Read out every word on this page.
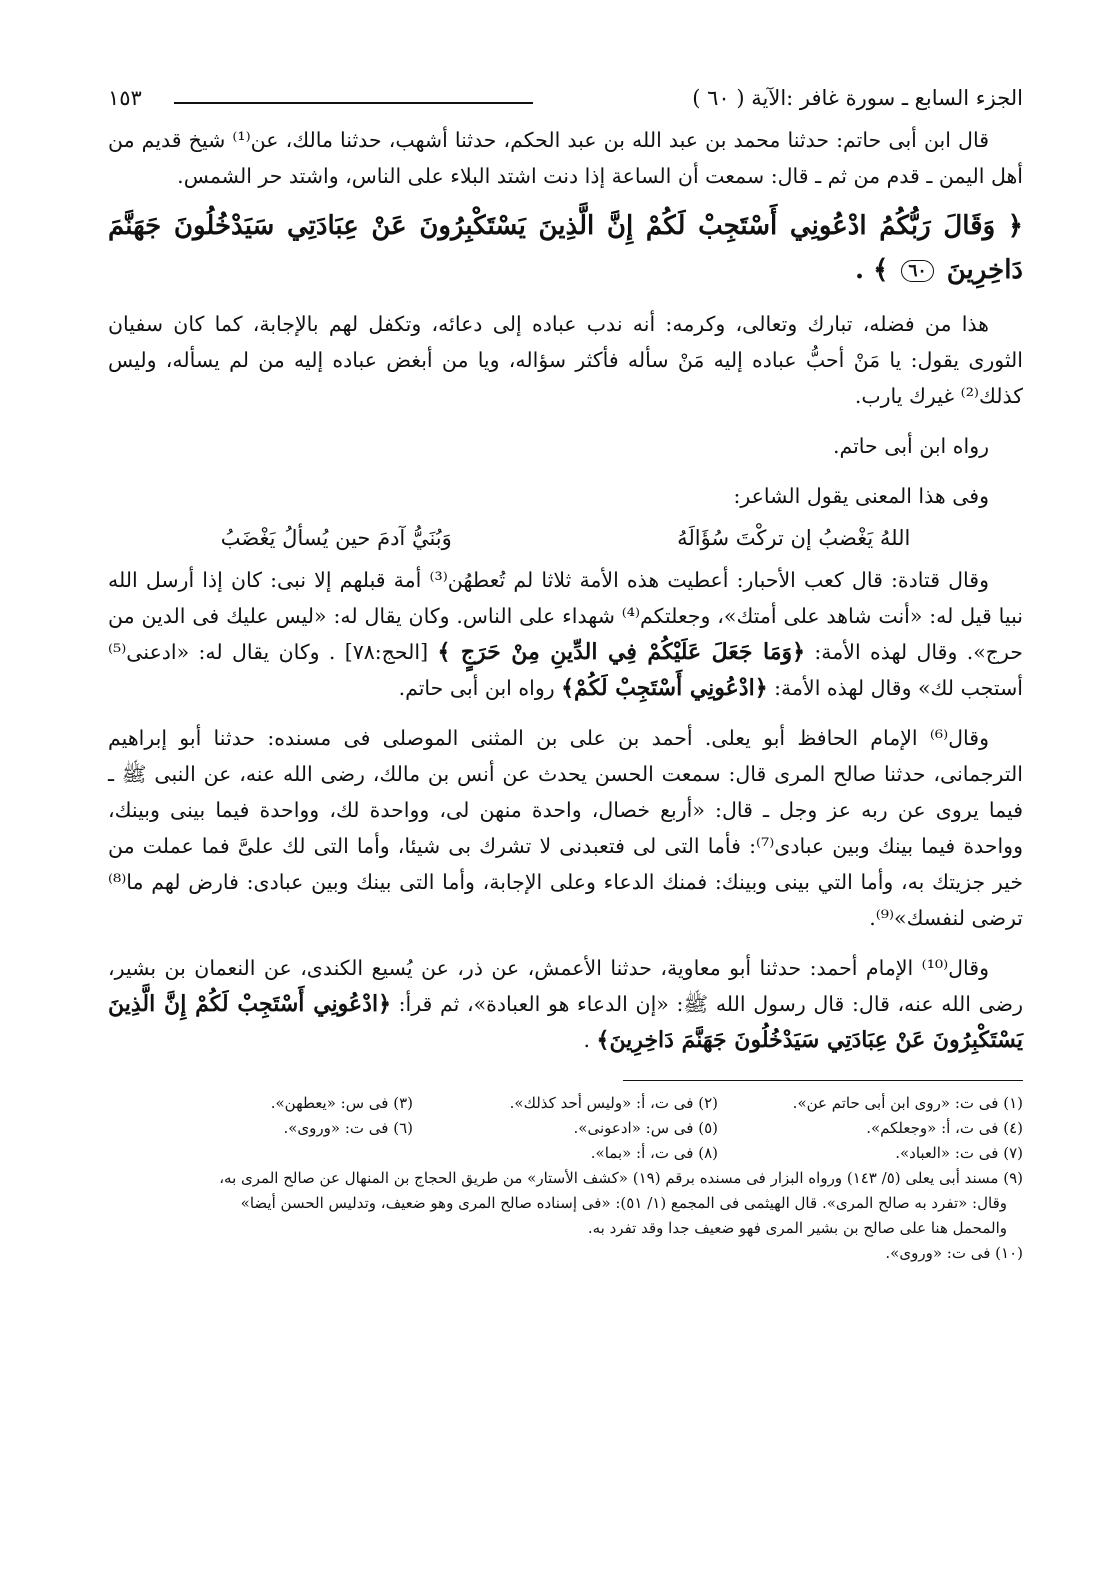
الجزء السابع ـ سورة غافر :الآية ( ٦٠ )
١٥٣

قال ابن أبى حاتم: حدثنا محمد بن عبد الله بن عبد الحكم، حدثنا أشهب، حدثنا مالك، عن⁽¹⁾ شيخ قديم من أهل اليمن ـ قدم من ثم ـ قال: سمعت أن الساعة إذا دنت اشتد البلاء على الناس، واشتد حر الشمس.

﴿ وَقَالَ رَبُّكُمُ ادْعُونِي أَسْتَجِبْ لَكُمْ إِنَّ الَّذِينَ يَسْتَكْبِرُونَ عَنْ عِبَادَتِي سَيَدْخُلُونَ جَهَنَّمَ دَاخِرِينَ ٦٠ ﴾ .

هذا من فضله، تبارك وتعالى، وكرمه: أنه ندب عباده إلى دعائه، وتكفل لهم بالإجابة، كما كان سفيان الثورى يقول: يا مَنْ أحبُّ عباده إليه مَنْ سأله فأكثر سؤاله، ويا من أبغض عباده إليه من لم يسأله، وليس كذلك⁽²⁾ غيرك يارب.

رواه ابن أبى حاتم.

وفى هذا المعنى يقول الشاعر:

اللهُ يَغْضبُ إن تركْتَ سُؤَالَهُ
وَبُنَيُّ آدمَ حين يُسألُ يَغْضَبُ

وقال قتادة: قال كعب الأحبار: أعطيت هذه الأمة ثلاثا لم تُعطهُن⁽³⁾ أمة قبلهم إلا نبى: كان إذا أرسل الله نبيا قيل له: «أنت شاهد على أمتك»، وجعلتكم⁽⁴⁾ شهداء على الناس. وكان يقال له: «ليس عليك فى الدين من حرج». وقال لهذه الأمة: ﴿وَمَا جَعَلَ عَلَيْكُمْ فِي الدِّينِ مِنْ حَرَجٍ ﴾ [الحج:٧٨] . وكان يقال له: «ادعنى⁽⁵⁾ أستجب لك» وقال لهذه الأمة: ﴿ادْعُونِي أَسْتَجِبْ لَكُمْ﴾ رواه ابن أبى حاتم.

وقال⁽⁶⁾ الإمام الحافظ أبو يعلى. أحمد بن على بن المثنى الموصلى فى مسنده: حدثنا أبو إبراهيم الترجمانى، حدثنا صالح المرى قال: سمعت الحسن يحدث عن أنس بن مالك، رضى الله عنه، عن النبى ﷺ ـ فيما يروى عن ربه عز وجل ـ قال: «أربع خصال، واحدة منهن لى، وواحدة لك، وواحدة فيما بينى وبينك، وواحدة فيما بينك وبين عبادى⁽⁷⁾: فأما التى لى فتعبدنى لا تشرك بى شيئا، وأما التى لك علىَّ فما عملت من خير جزيتك به، وأما التي بينى وبينك: فمنك الدعاء وعلى الإجابة، وأما التى بينك وبين عبادى: فارض لهم ما⁽⁸⁾ ترضى لنفسك»⁽⁹⁾.

وقال⁽¹⁰⁾ الإمام أحمد: حدثنا أبو معاوية، حدثنا الأعمش، عن ذر، عن يُسيع الكندى، عن النعمان بن بشير، رضى الله عنه، قال: قال رسول الله ﷺ: «إن الدعاء هو العبادة»، ثم قرأ: ﴿ادْعُونِي أَسْتَجِبْ لَكُمْ إِنَّ الَّذِينَ يَسْتَكْبِرُونَ عَنْ عِبَادَتِي سَيَدْخُلُونَ جَهَنَّمَ دَاخِرِينَ﴾ .

(١) فى ت: «روى ابن أبى حاتم عن».
(٢) فى ت، أ: «وليس أحد كذلك».
(٣) فى س: «يعطهن».
(٤) فى ت، أ: «وجعلكم».
(٥) فى س: «ادعونى».
(٦) فى ت: «وروى».
(٧) فى ت: «العباد».
(٨) فى ت، أ: «بما».
(٩) مسند أبى يعلى (٥/ ١٤٣) ورواه البزار فى مسنده برقم (١٩) «كشف الأستار» من طريق الحجاج بن المنهال عن صالح المرى به،
وقال: «تفرد به صالح المرى». قال الهيثمى فى المجمع (١/ ٥١): «فى إسناده صالح المرى وهو ضعيف، وتدليس الحسن أيضا»
والمحمل هنا على صالح بن بشير المرى فهو ضعيف جدا وقد تفرد به.
(١٠) فى ت: «وروى».
